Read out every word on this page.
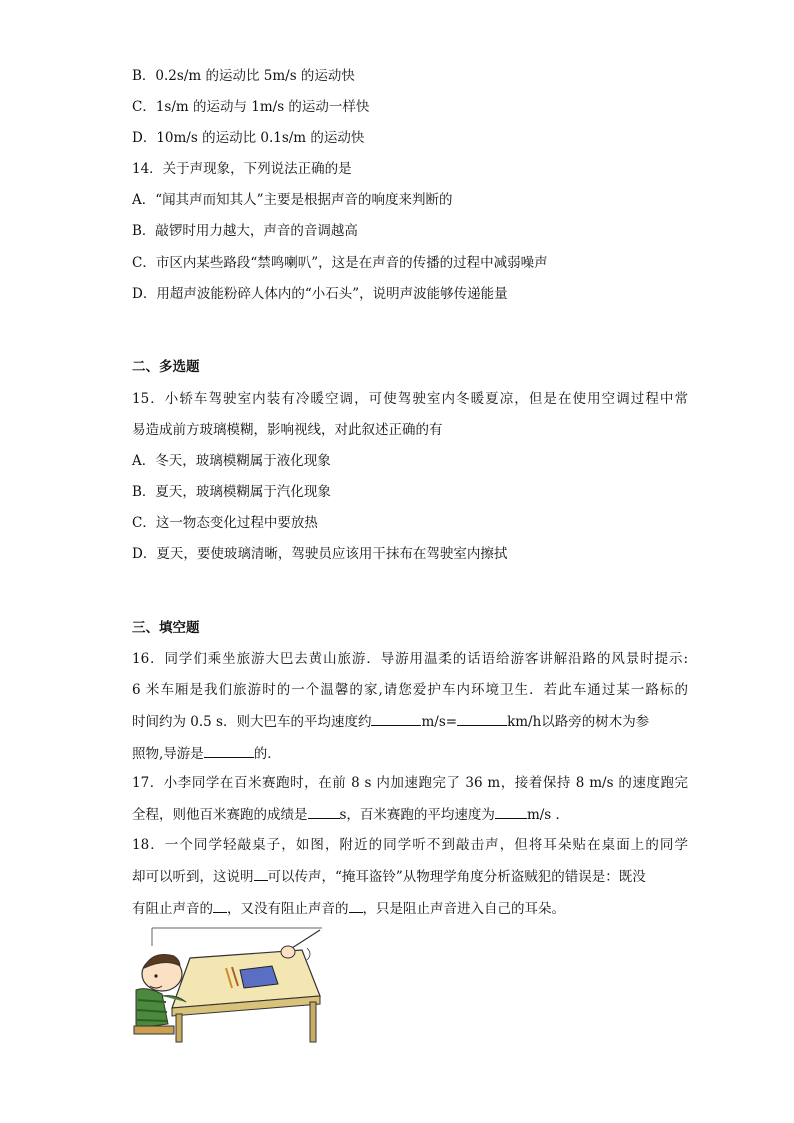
B．0.2s/m 的运动比 5m/s 的运动快
C．1s/m 的运动与 1m/s 的运动一样快
D．10m/s 的运动比 0.1s/m 的运动快
14．关于声现象，下列说法正确的是
A．“闻其声而知其人”主要是根据声音的响度来判断的
B．敲锣时用力越大，声音的音调越高
C．市区内某些路段“禁鸣喇叭”，这是在声音的传播的过程中减弱噪声
D．用超声波能粉碎人体内的“小石头”，说明声波能够传递能量
二、多选题
15．小轿车驾驶室内装有冷暖空调，可使驾驶室内冬暖夏凉，但是在使用空调过程中常
易造成前方玻璃模糊，影响视线，对此叙述正确的有
A．冬天，玻璃模糊属于液化现象
B．夏天，玻璃模糊属于汽化现象
C．这一物态变化过程中要放热
D．夏天，要使玻璃清晰，驾驶员应该用干抹布在驾驶室内擦拭
三、填空题
16．同学们乘坐旅游大巴去黄山旅游．导游用温柔的话语给游客讲解沿路的风景时提示:
6 米车厢是我们旅游时的一个温馨的家,请您爱护车内环境卫生．若此车通过某一路标的
时间约为 0.5 s．则大巴车的平均速度约	m/s=	km/h以路旁的树木为参
照物,导游是	的．
17．小李同学在百米赛跑时，在前 8 s 内加速跑完了 36 m，接着保持 8 m/s 的速度跑完
全程，则他百米赛跑的成绩是 s，百米赛跑的平均速度为 m/s ．
18．一个同学轻敲桌子，如图，附近的同学听不到敲击声，但将耳朵贴在桌面上的同学
却可以听到，这说明 可以传声，“掩耳盗铃”从物理学角度分析盗贼犯的错误是：既没
有阻止声音的 ，又没有阻止声音的 ，只是阻止声音进入自己的耳朵。
